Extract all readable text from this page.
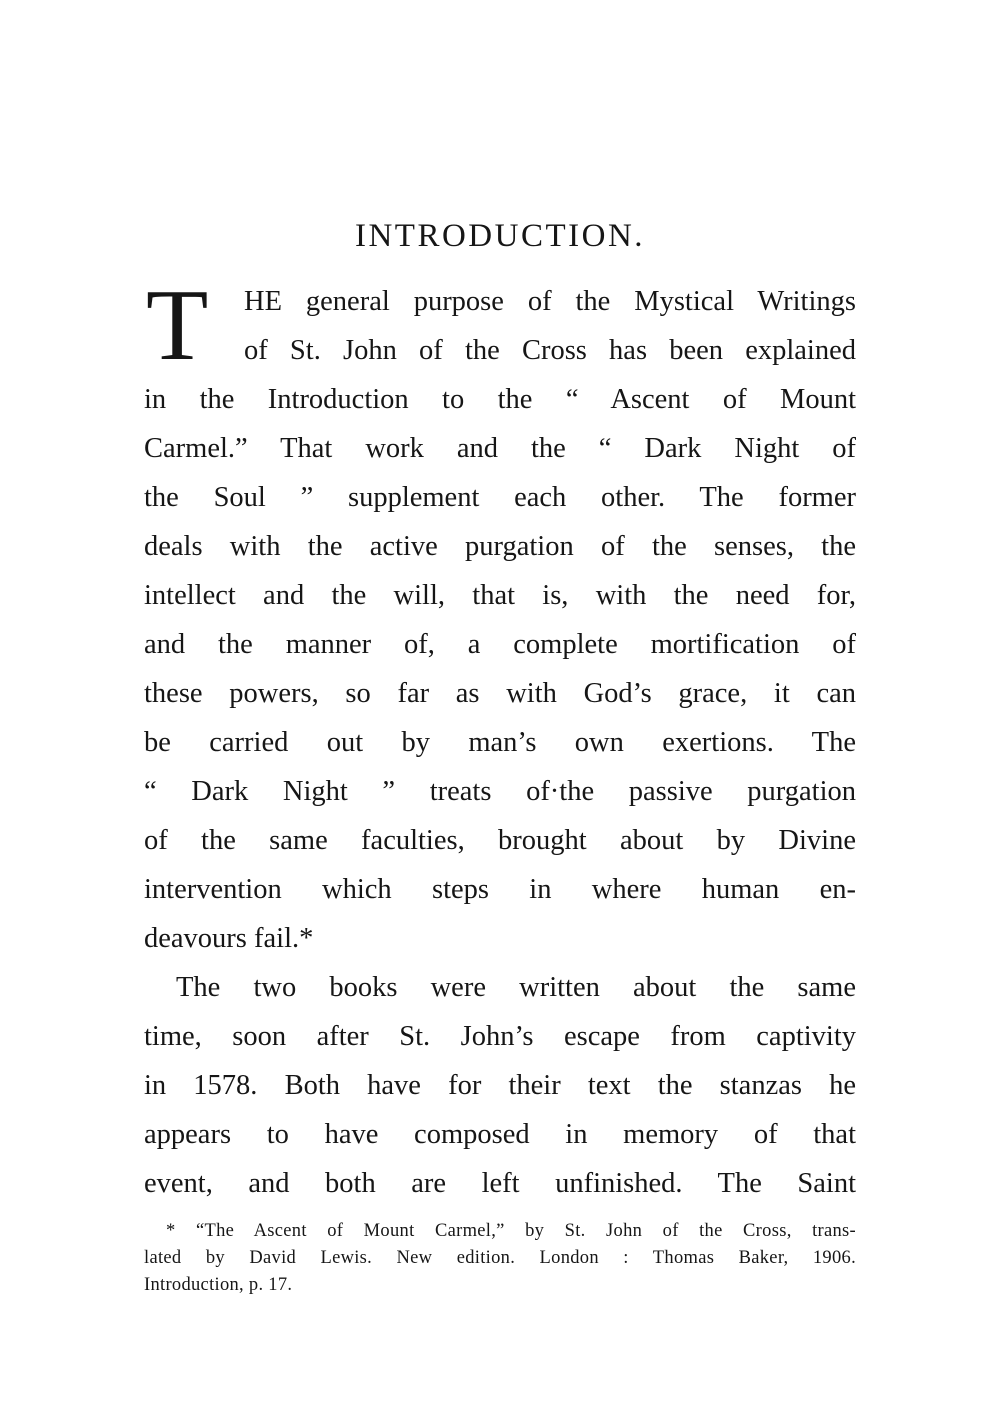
INTRODUCTION.
T	HE general purpose of the Mystical Writings
of St. John of the Cross has been explained
in the Introduction to the “ Ascent of Mount
Carmel.” That work and the “ Dark Night of
the Soul ” supplement each other. The former
deals with the active purgation of the senses, the
intellect and the will, that is, with the need for,
and the manner of, a complete mortification of
these powers, so far as with God’s grace, it can
be carried out by man’s own exertions. The
“ Dark Night ” treats of·the passive purgation
of the same faculties, brought about by Divine
intervention which steps in where human en-
deavours fail.*
The two books were written about the same
time, soon after St. John’s escape from captivity
in 1578. Both have for their text the stanzas he
appears to have composed in memory of that
event, and both are left unfinished. The Saint
* “The Ascent of Mount Carmel,” by St. John of the Cross, trans-
lated by David Lewis. New edition. London : Thomas Baker, 1906.
Introduction, p. 17.
